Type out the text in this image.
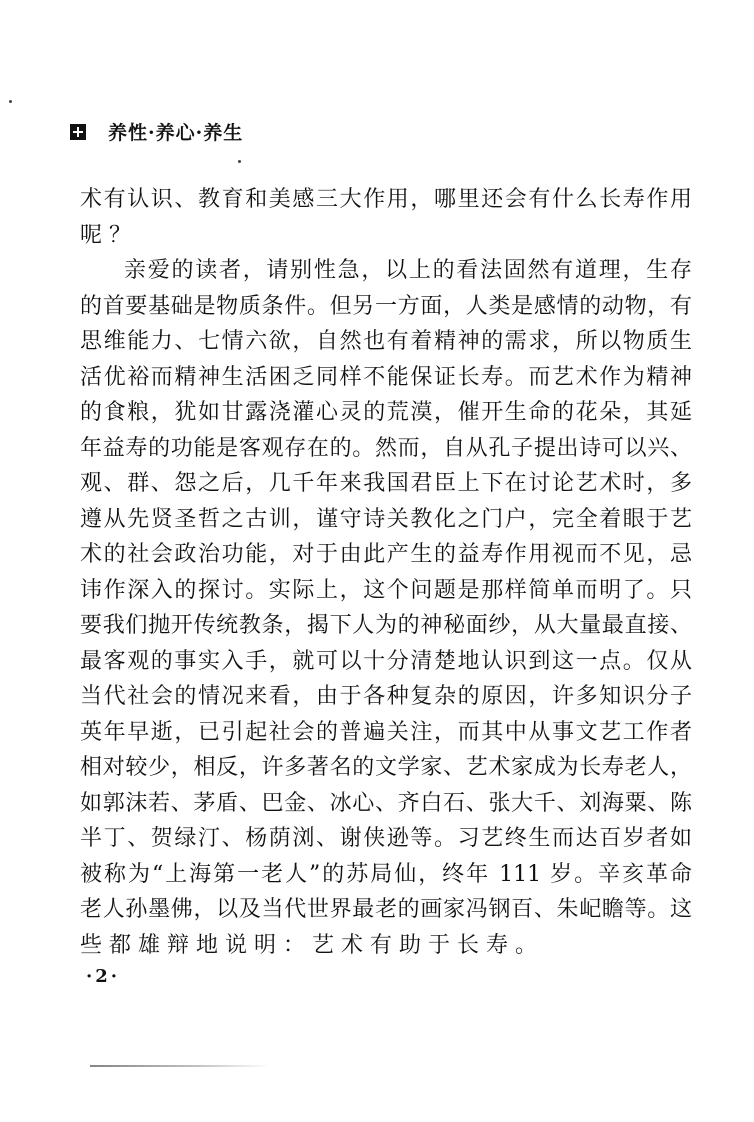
养性·养心·养生
术有认识、教育和美感三大作用，哪里还会有什么长寿作用
呢？
亲爱的读者，请别性急，以上的看法固然有道理，生存
的首要基础是物质条件。但另一方面，人类是感情的动物，有
思维能力、七情六欲，自然也有着精神的需求，所以物质生
活优裕而精神生活困乏同样不能保证长寿。而艺术作为精神
的食粮，犹如甘露浇灌心灵的荒漠，催开生命的花朵，其延
年益寿的功能是客观存在的。然而，自从孔子提出诗可以兴、
观、群、怨之后，几千年来我国君臣上下在讨论艺术时，多
遵从先贤圣哲之古训，谨守诗关教化之门户，完全着眼于艺
术的社会政治功能，对于由此产生的益寿作用视而不见，忌
讳作深入的探讨。实际上，这个问题是那样简单而明了。只
要我们抛开传统教条，揭下人为的神秘面纱，从大量最直接、
最客观的事实入手，就可以十分清楚地认识到这一点。仅从
当代社会的情况来看，由于各种复杂的原因，许多知识分子
英年早逝，已引起社会的普遍关注，而其中从事文艺工作者
相对较少，相反，许多著名的文学家、艺术家成为长寿老人，
如郭沫若、茅盾、巴金、冰心、齐白石、张大千、刘海粟、陈
半丁、贺绿汀、杨荫浏、谢侠逊等。习艺终生而达百岁者如
被称为“上海第一老人”的苏局仙，终年 111 岁。辛亥革命
老人孙墨佛，以及当代世界最老的画家冯钢百、朱屺瞻等。这
些都雄辩地说明：艺术有助于长寿。
·2·
